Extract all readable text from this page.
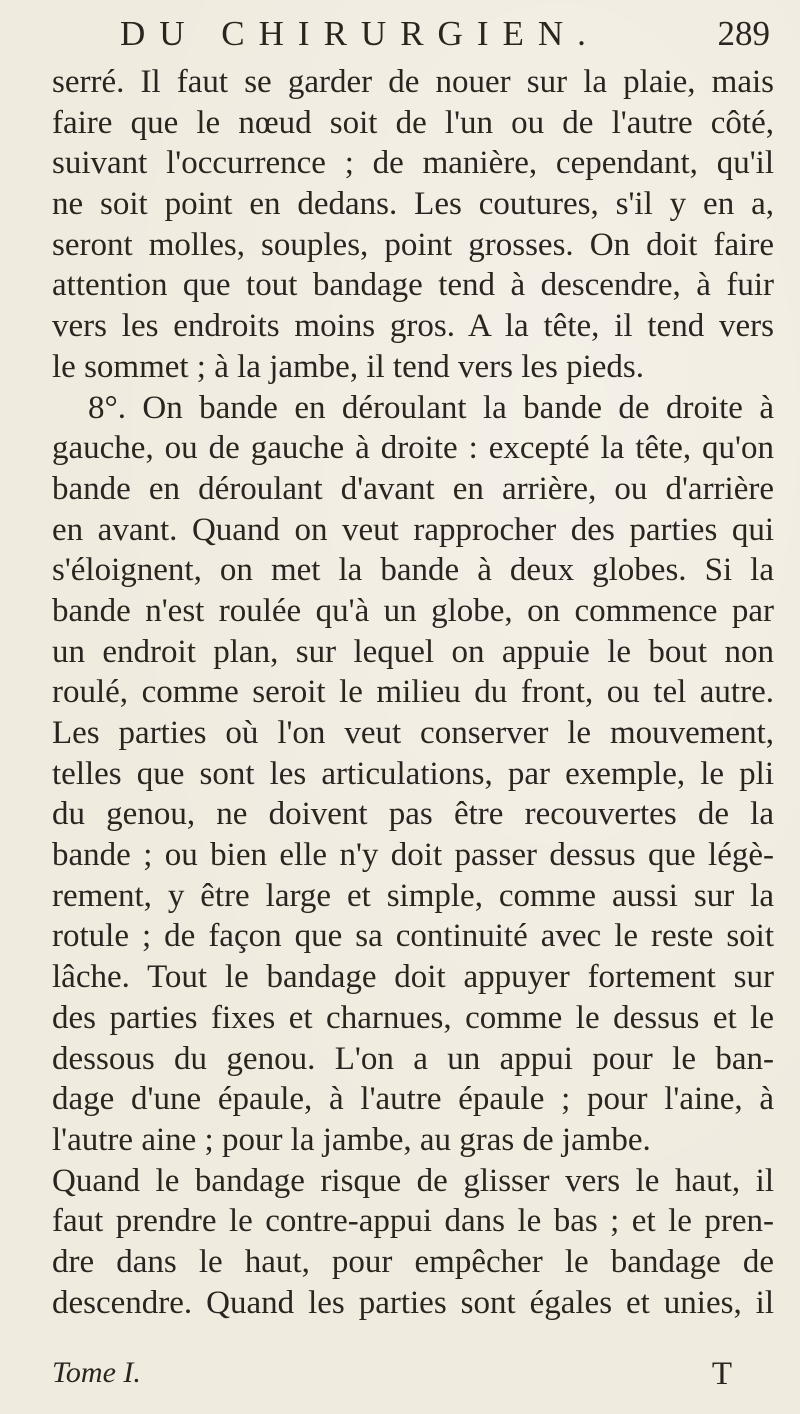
DU CHIRURGIEN.	289
serré. Il faut se garder de nouer sur la plaie, mais
faire que le nœud soit de l'un ou de l'autre côté,
suivant l'occurrence ; de manière, cependant, qu'il
ne soit point en dedans. Les coutures, s'il y en a,
seront molles, souples, point grosses. On doit faire
attention que tout bandage tend à descendre, à fuir
vers les endroits moins gros. A la tête, il tend vers
le sommet ; à la jambe, il tend vers les pieds.
8°. On bande en déroulant la bande de droite à
gauche, ou de gauche à droite : excepté la tête, qu'on
bande en déroulant d'avant en arrière, ou d'arrière
en avant. Quand on veut rapprocher des parties qui
s'éloignent, on met la bande à deux globes. Si la
bande n'est roulée qu'à un globe, on commence par
un endroit plan, sur lequel on appuie le bout non
roulé, comme seroit le milieu du front, ou tel autre.
Les parties où l'on veut conserver le mouvement,
telles que sont les articulations, par exemple, le pli
du genou, ne doivent pas être recouvertes de la
bande ; ou bien elle n'y doit passer dessus que légè-
rement, y être large et simple, comme aussi sur la
rotule ; de façon que sa continuité avec le reste soit
lâche. Tout le bandage doit appuyer fortement sur
des parties fixes et charnues, comme le dessus et le
dessous du genou. L'on a un appui pour le ban-
dage d'une épaule, à l'autre épaule ; pour l'aine, à
l'autre aine ; pour la jambe, au gras de jambe.
Quand le bandage risque de glisser vers le haut, il
faut prendre le contre-appui dans le bas ; et le pren-
dre dans le haut, pour empêcher le bandage de
descendre. Quand les parties sont égales et unies, il
Tome I.	T
